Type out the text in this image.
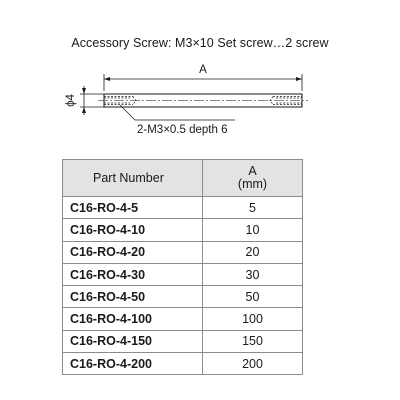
Accessory Screw: M3×10 Set screw…2 screw
A
ϕ4
2-M3×0.5 depth 6
Part Number	A
(mm)

C16-RO-4-5	5
C16-RO-4-10	10
C16-RO-4-20	20
C16-RO-4-30	30
C16-RO-4-50	50
C16-RO-4-100	100
C16-RO-4-150	150
C16-RO-4-200	200
